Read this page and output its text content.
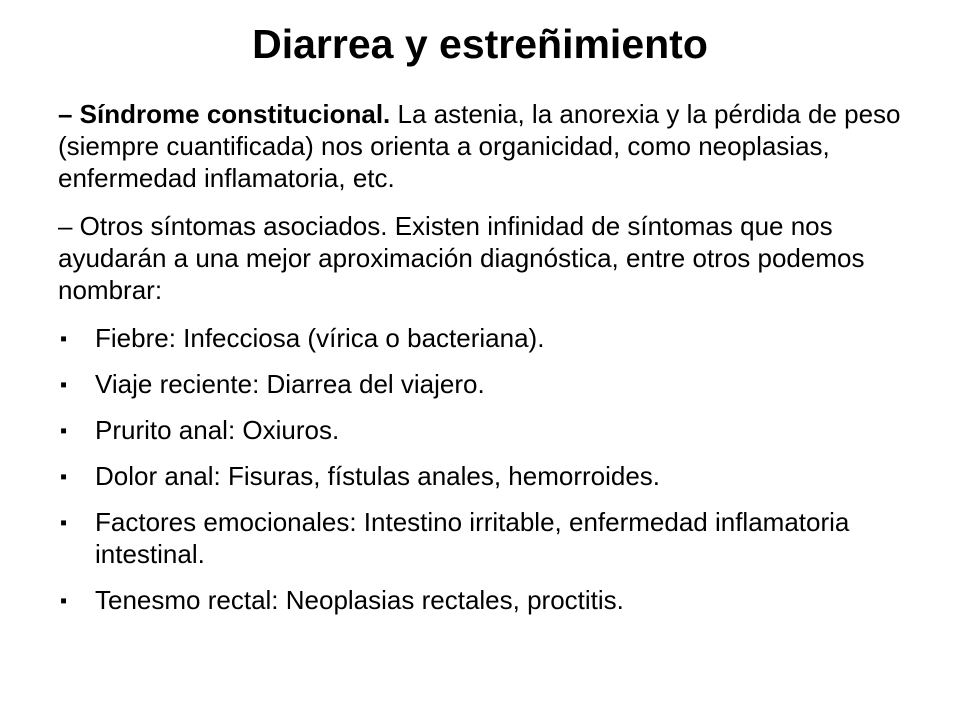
Diarrea y estreñimiento

– Síndrome constitucional. La astenia, la anorexia y la pérdida de peso (siempre cuantificada) nos orienta a organicidad, como neoplasias, enfermedad inflamatoria, etc.

– Otros síntomas asociados. Existen infinidad de síntomas que nos ayudarán a una mejor aproximación diagnóstica, entre otros podemos nombrar:

▪ Fiebre: Infecciosa (vírica o bacteriana).
▪ Viaje reciente: Diarrea del viajero.
▪ Prurito anal: Oxiuros.
▪ Dolor anal: Fisuras, fístulas anales, hemorroides.
▪ Factores emocionales: Intestino irritable, enfermedad inflamatoria intestinal.
▪ Tenesmo rectal: Neoplasias rectales, proctitis.
